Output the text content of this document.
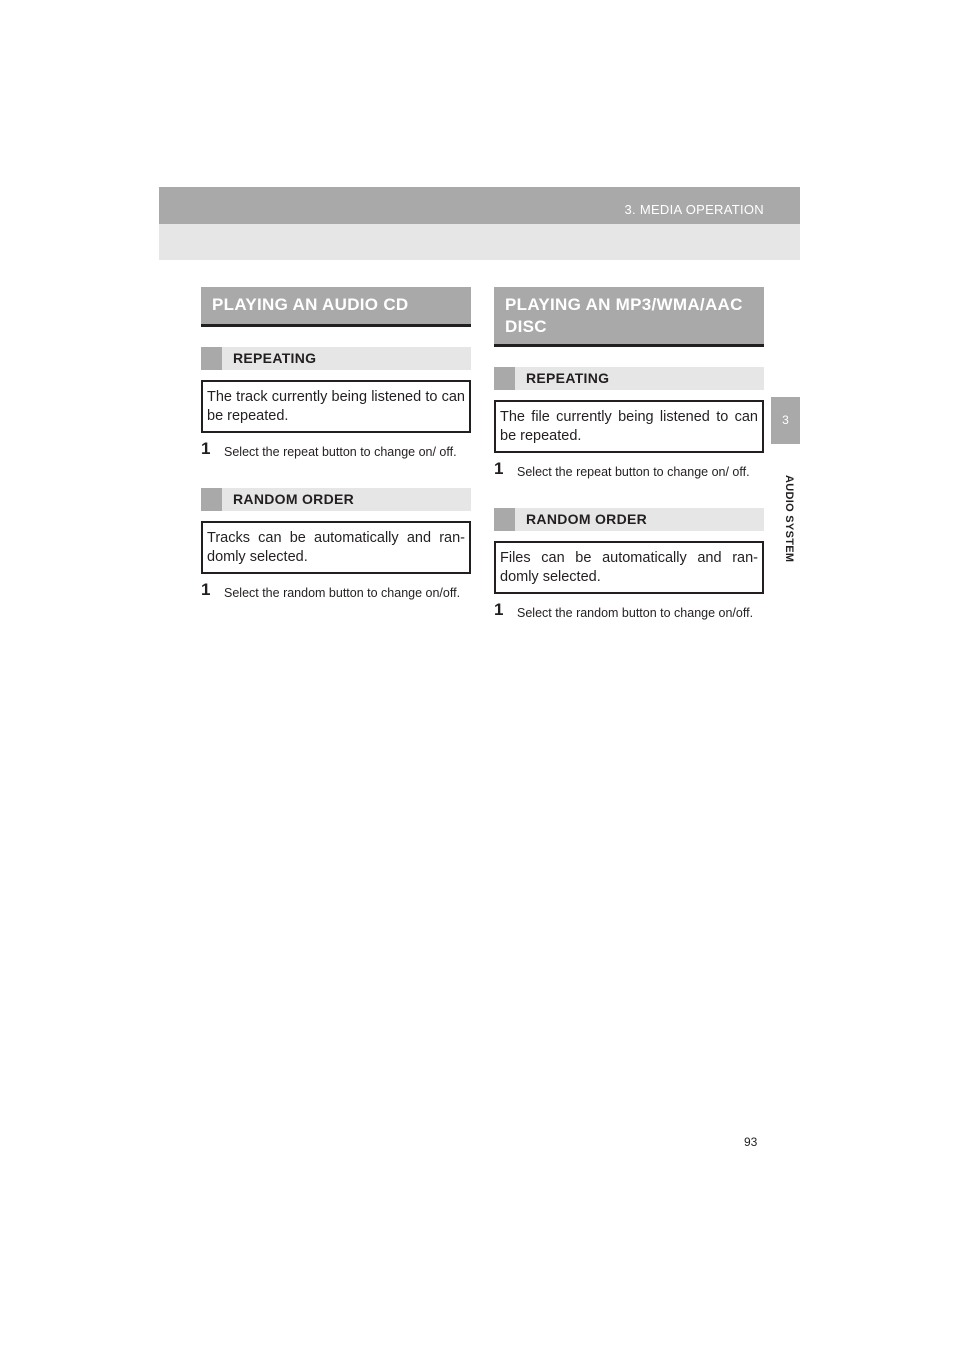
3. MEDIA OPERATION
3
AUDIO SYSTEM
PLAYING AN AUDIO CD
REPEATING
The track currently being listened to can be repeated.
1 Select the repeat button to change on/ off.
RANDOM ORDER
Tracks can be automatically and ran- domly selected.
1 Select the random button to change on/off.
PLAYING AN MP3/WMA/AAC DISC
REPEATING
The file currently being listened to can be repeated.
1 Select the repeat button to change on/ off.
RANDOM ORDER
Files can be automatically and ran- domly selected.
1 Select the random button to change on/off.
93
